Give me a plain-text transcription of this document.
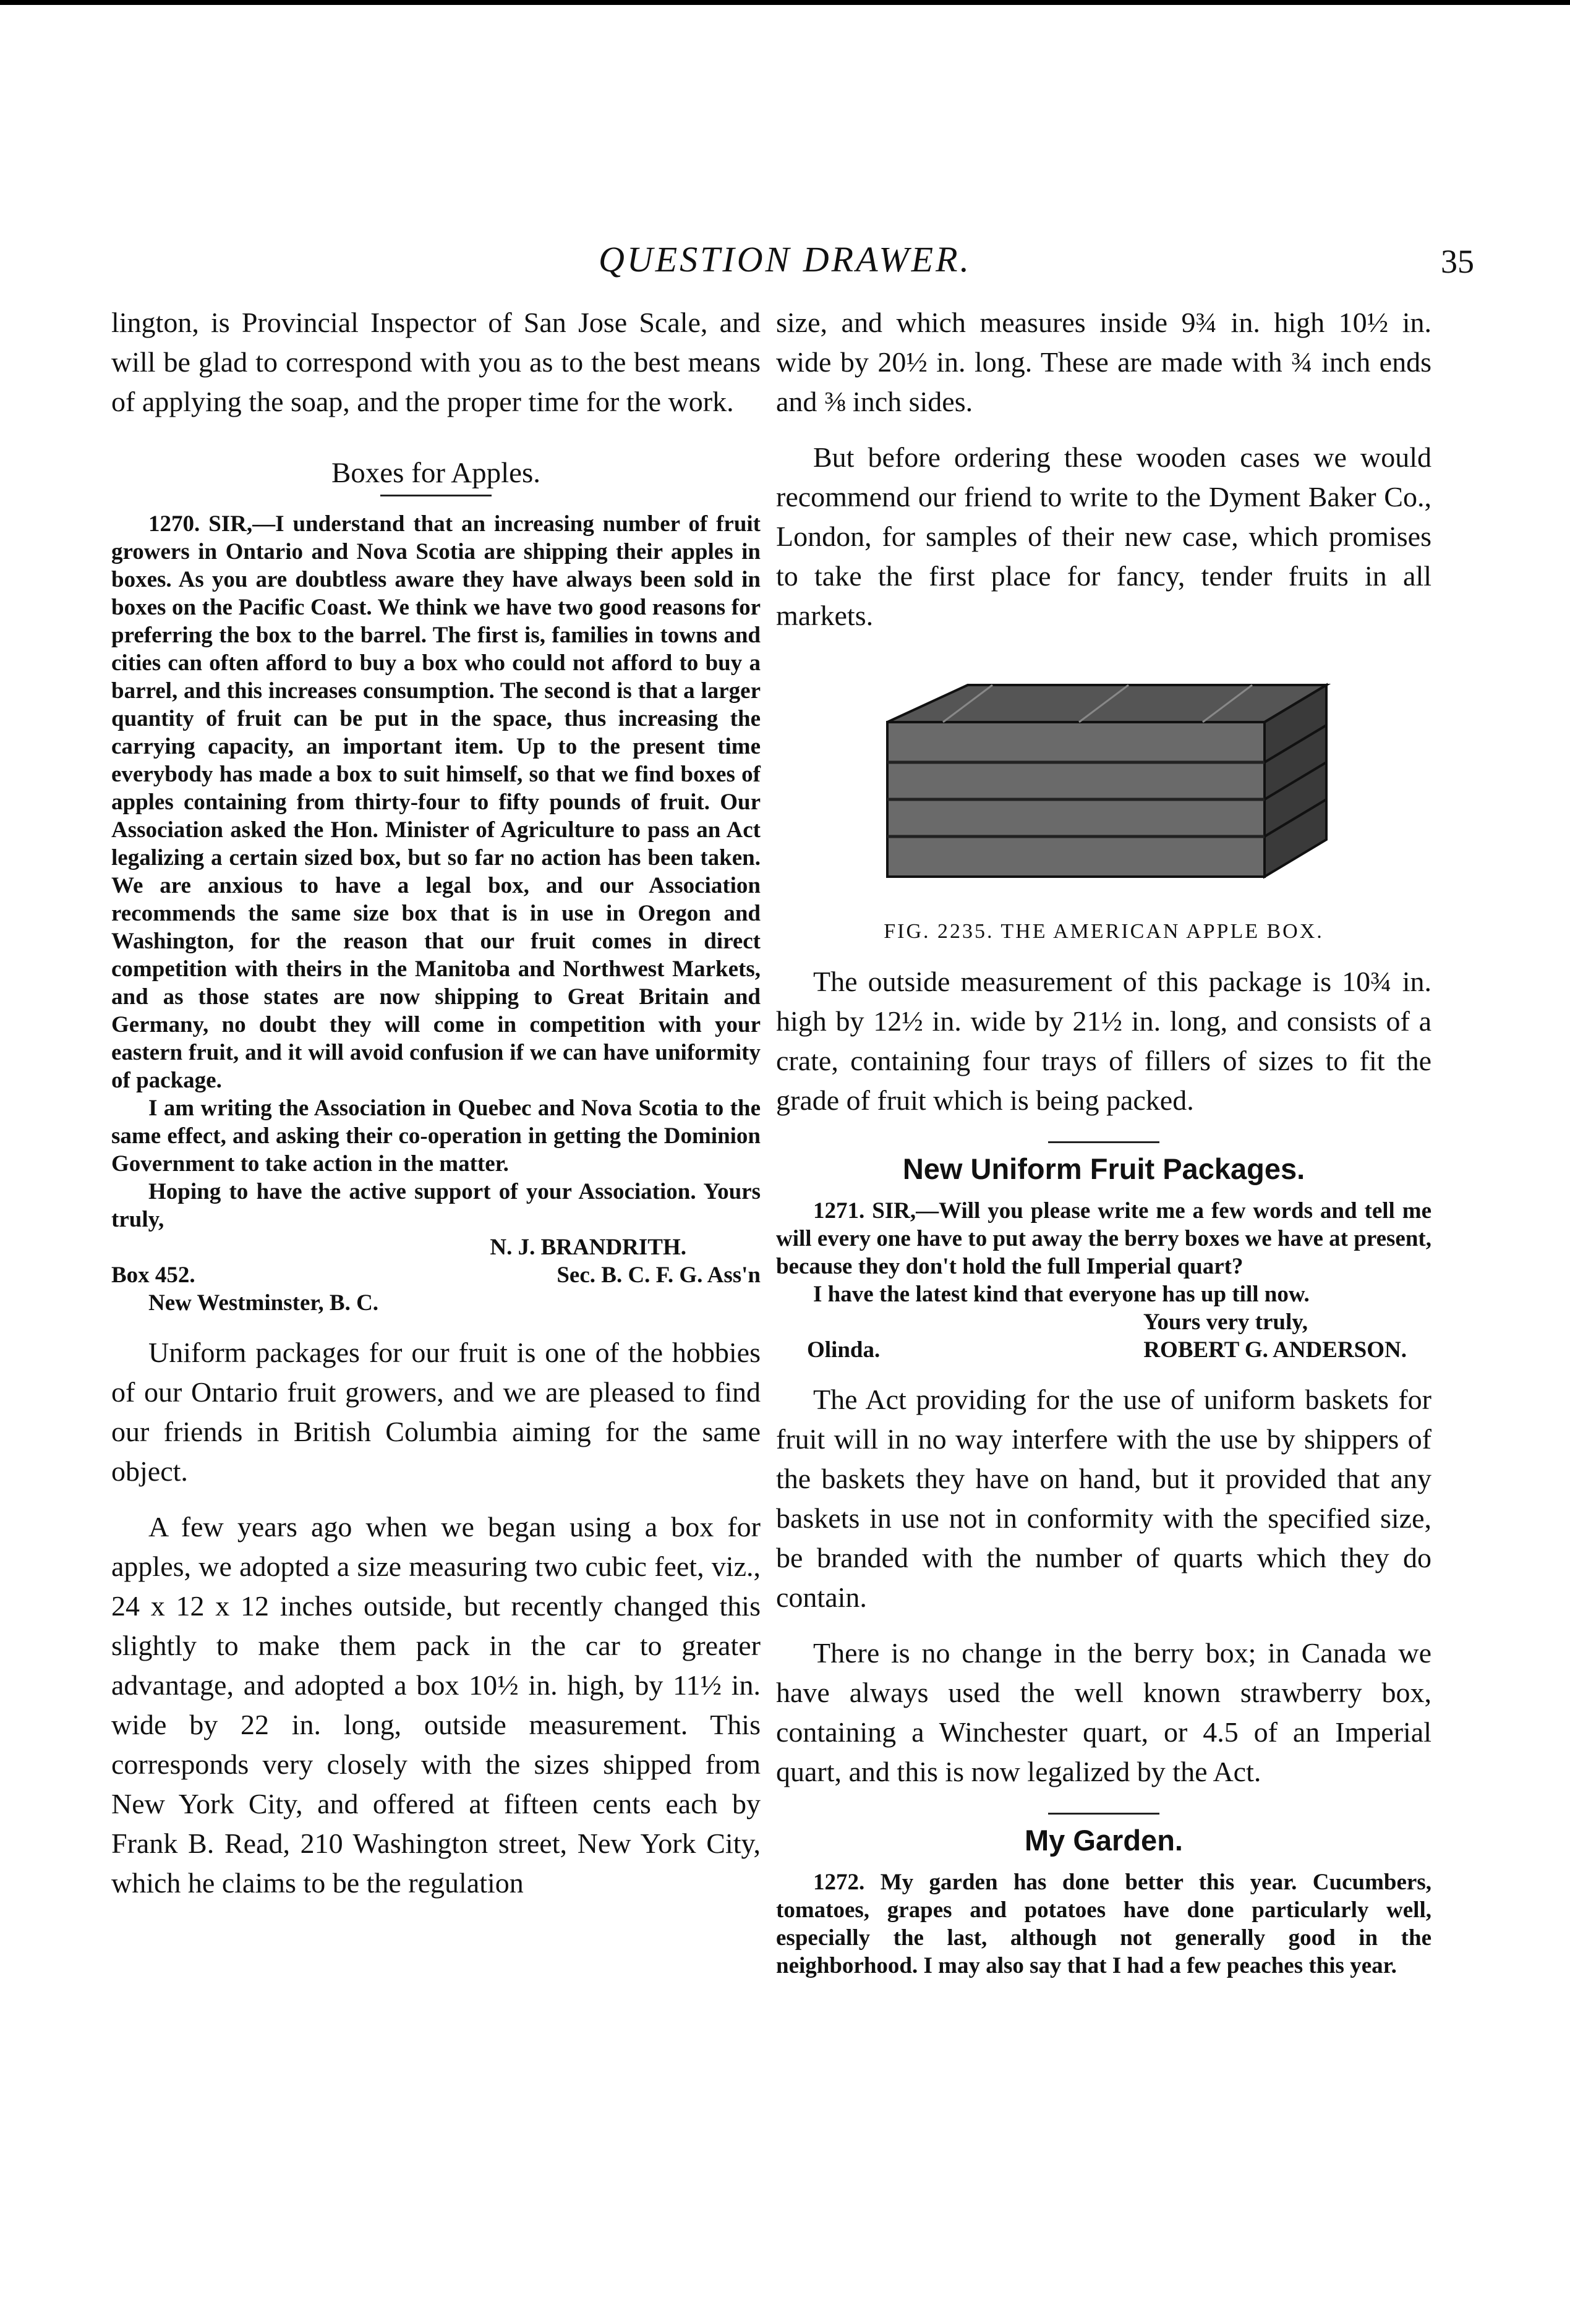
QUESTION DRAWER.	35

lington, is Provincial Inspector of San Jose Scale, and will be glad to correspond with you as to the best means of applying the soap, and the proper time for the work.

Boxes for Apples.

1270. SIR,—I understand that an increasing number of fruit growers in Ontario and Nova Scotia are shipping their apples in boxes. As you are doubtless aware they have always been sold in boxes on the Pacific Coast. We think we have two good reasons for preferring the box to the barrel. The first is, families in towns and cities can often afford to buy a box who could not afford to buy a barrel, and this increases consumption. The second is that a larger quantity of fruit can be put in the space, thus increasing the carrying capacity, an important item. Up to the present time everybody has made a box to suit himself, so that we find boxes of apples containing from thirty-four to fifty pounds of fruit. Our Association asked the Hon. Minister of Agriculture to pass an Act legalizing a certain sized box, but so far no action has been taken. We are anxious to have a legal box, and our Association recommends the same size box that is in use in Oregon and Washington, for the reason that our fruit comes in direct competition with theirs in the Manitoba and Northwest Markets, and as those states are now shipping to Great Britain and Germany, no doubt they will come in competition with your eastern fruit, and it will avoid confusion if we can have uniformity of package.

I am writing the Association in Quebec and Nova Scotia to the same effect, and asking their co-operation in getting the Dominion Government to take action in the matter.

Hoping to have the active support of your Association. Yours truly,

N. J. BRANDRITH.
Box 452.	Sec. B. C. F. G. Ass'n

New Westminster, B. C.

Uniform packages for our fruit is one of the hobbies of our Ontario fruit growers, and we are pleased to find our friends in British Columbia aiming for the same object.

A few years ago when we began using a box for apples, we adopted a size measuring two cubic feet, viz., 24 x 12 x 12 inches outside, but recently changed this slightly to make them pack in the car to greater advantage, and adopted a box 10½ in. high, by 11½ in. wide by 22 in. long, outside measurement. This corresponds very closely with the sizes shipped from New York City, and offered at fifteen cents each by Frank B. Read, 210 Washington street, New York City, which he claims to be the regulation

size, and which measures inside 9¾ in. high 10½ in. wide by 20½ in. long. These are made with ¾ inch ends and ⅜ inch sides.

But before ordering these wooden cases we would recommend our friend to write to the Dyment Baker Co., London, for samples of their new case, which promises to take the first place for fancy, tender fruits in all markets.

FIG. 2235. THE AMERICAN APPLE BOX.

The outside measurement of this package is 10¾ in. high by 12½ in. wide by 21½ in. long, and consists of a crate, containing four trays of fillers of sizes to fit the grade of fruit which is being packed.

New Uniform Fruit Packages.

1271. SIR,—Will you please write me a few words and tell me will every one have to put away the berry boxes we have at present, because they don't hold the full Imperial quart?

I have the latest kind that everyone has up till now.

Yours very truly,
Olinda.	ROBERT G. ANDERSON.

The Act providing for the use of uniform baskets for fruit will in no way interfere with the use by shippers of the baskets they have on hand, but it provided that any baskets in use not in conformity with the specified size, be branded with the number of quarts which they do contain.

There is no change in the berry box; in Canada we have always used the well known strawberry box, containing a Winchester quart, or 4.5 of an Imperial quart, and this is now legalized by the Act.

My Garden.

1272. My garden has done better this year. Cucumbers, tomatoes, grapes and potatoes have done particularly well, especially the last, although not generally good in the neighborhood. I may also say that I had a few peaches this year.
